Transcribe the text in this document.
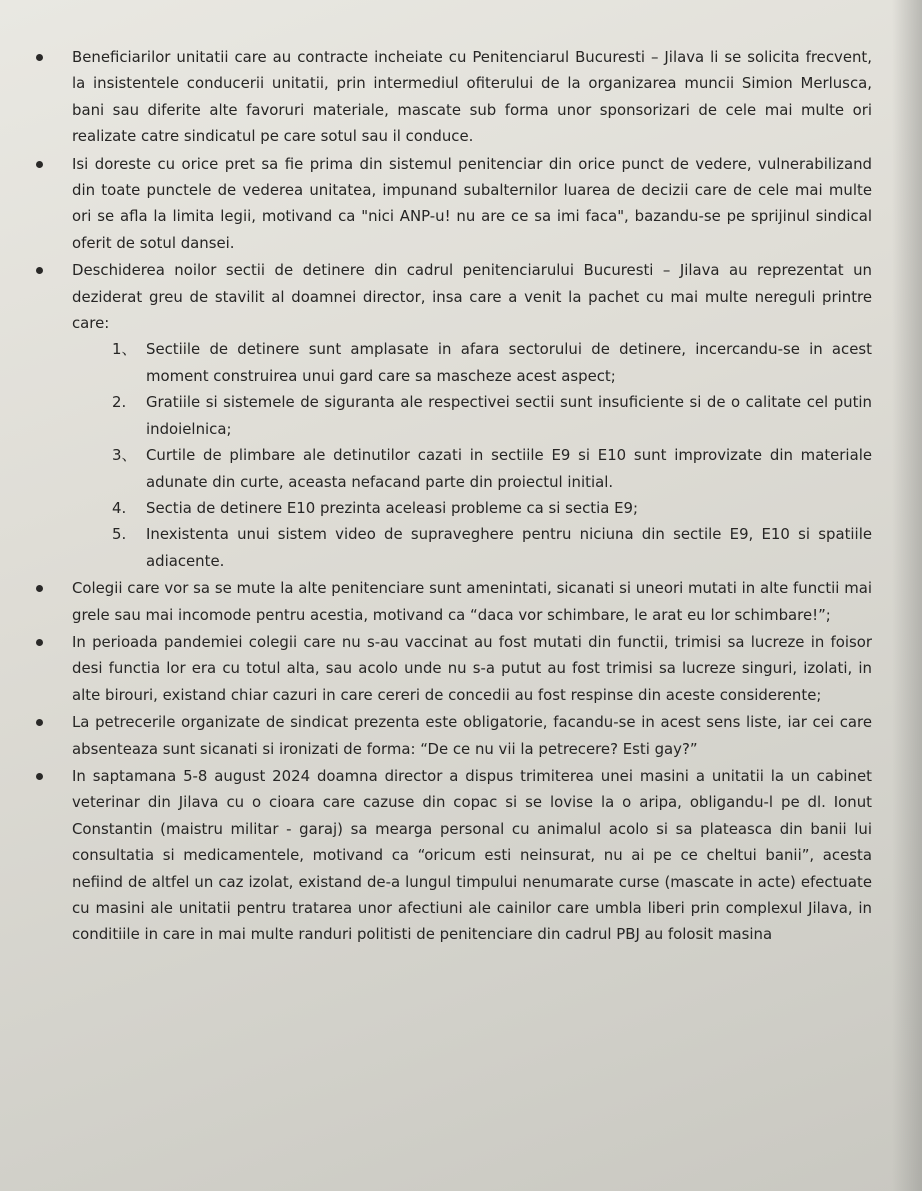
Beneficiarilor unitatii care au contracte incheiate cu Penitenciarul Bucuresti – Jilava li se solicita frecvent, la insistentele conducerii unitatii, prin intermediul ofiterului de la organizarea muncii Simion Merlusca, bani sau diferite alte favoruri materiale, mascate sub forma unor sponsorizari de cele mai multe ori realizate catre sindicatul pe care sotul sau il conduce.
Isi doreste cu orice pret sa fie prima din sistemul penitenciar din orice punct de vedere, vulnerabilizand din toate punctele de vederea unitatea, impunand subalternilor luarea de decizii care de cele mai multe ori se afla la limita legii, motivand ca "nici ANP-u! nu are ce sa imi faca", bazandu-se pe sprijinul sindical oferit de sotul dansei.
Deschiderea noilor sectii de detinere din cadrul penitenciarului Bucuresti – Jilava au reprezentat un deziderat greu de stavilit al doamnei director, insa care a venit la pachet cu mai multe nereguli printre care:
1、 Sectiile de detinere sunt amplasate in afara sectorului de detinere, incercandu-se in acest moment construirea unui gard care sa mascheze acest aspect;
2. Gratiile si sistemele de siguranta ale respectivei sectii sunt insuficiente si de o calitate cel putin indoielnica;
3、 Curtile de plimbare ale detinutilor cazati in sectiile E9 si E10 sunt improvizate din materiale adunate din curte, aceasta nefacand parte din proiectul initial.
4. Sectia de detinere E10 prezinta aceleasi probleme ca si sectia E9;
5. Inexistenta unui sistem video de supraveghere pentru niciuna din sectile E9, E10 si spatiile adiacente.
Colegii care vor sa se mute la alte penitenciare sunt amenintati, sicanati si uneori mutati in alte functii mai grele sau mai incomode pentru acestia, motivand ca “daca vor schimbare, le arat eu lor schimbare!”;
In perioada pandemiei colegii care nu s-au vaccinat au fost mutati din functii, trimisi sa lucreze in foisor desi functia lor era cu totul alta, sau acolo unde nu s-a putut au fost trimisi sa lucreze singuri, izolati, in alte birouri, existand chiar cazuri in care cereri de concedii au fost respinse din aceste considerente;
La petrecerile organizate de sindicat prezenta este obligatorie, facandu-se in acest sens liste, iar cei care absenteaza sunt sicanati si ironizati de forma: “De ce nu vii la petrecere? Esti gay?”
In saptamana 5-8 august 2024 doamna director a dispus trimiterea unei masini a unitatii la un cabinet veterinar din Jilava cu o cioara care cazuse din copac si se lovise la o aripa, obligandu-l pe dl. Ionut Constantin (maistru militar - garaj) sa mearga personal cu animalul acolo si sa plateasca din banii lui consultatia si medicamentele, motivand ca “oricum esti neinsurat, nu ai pe ce cheltui banii”, acesta nefiind de altfel un caz izolat, existand de-a lungul timpului nenumarate curse (mascate in acte) efectuate cu masini ale unitatii pentru tratarea unor afectiuni ale cainilor care umbla liberi prin complexul Jilava, in conditiile in care in mai multe randuri politisti de penitenciare din cadrul PBJ au folosit masina
